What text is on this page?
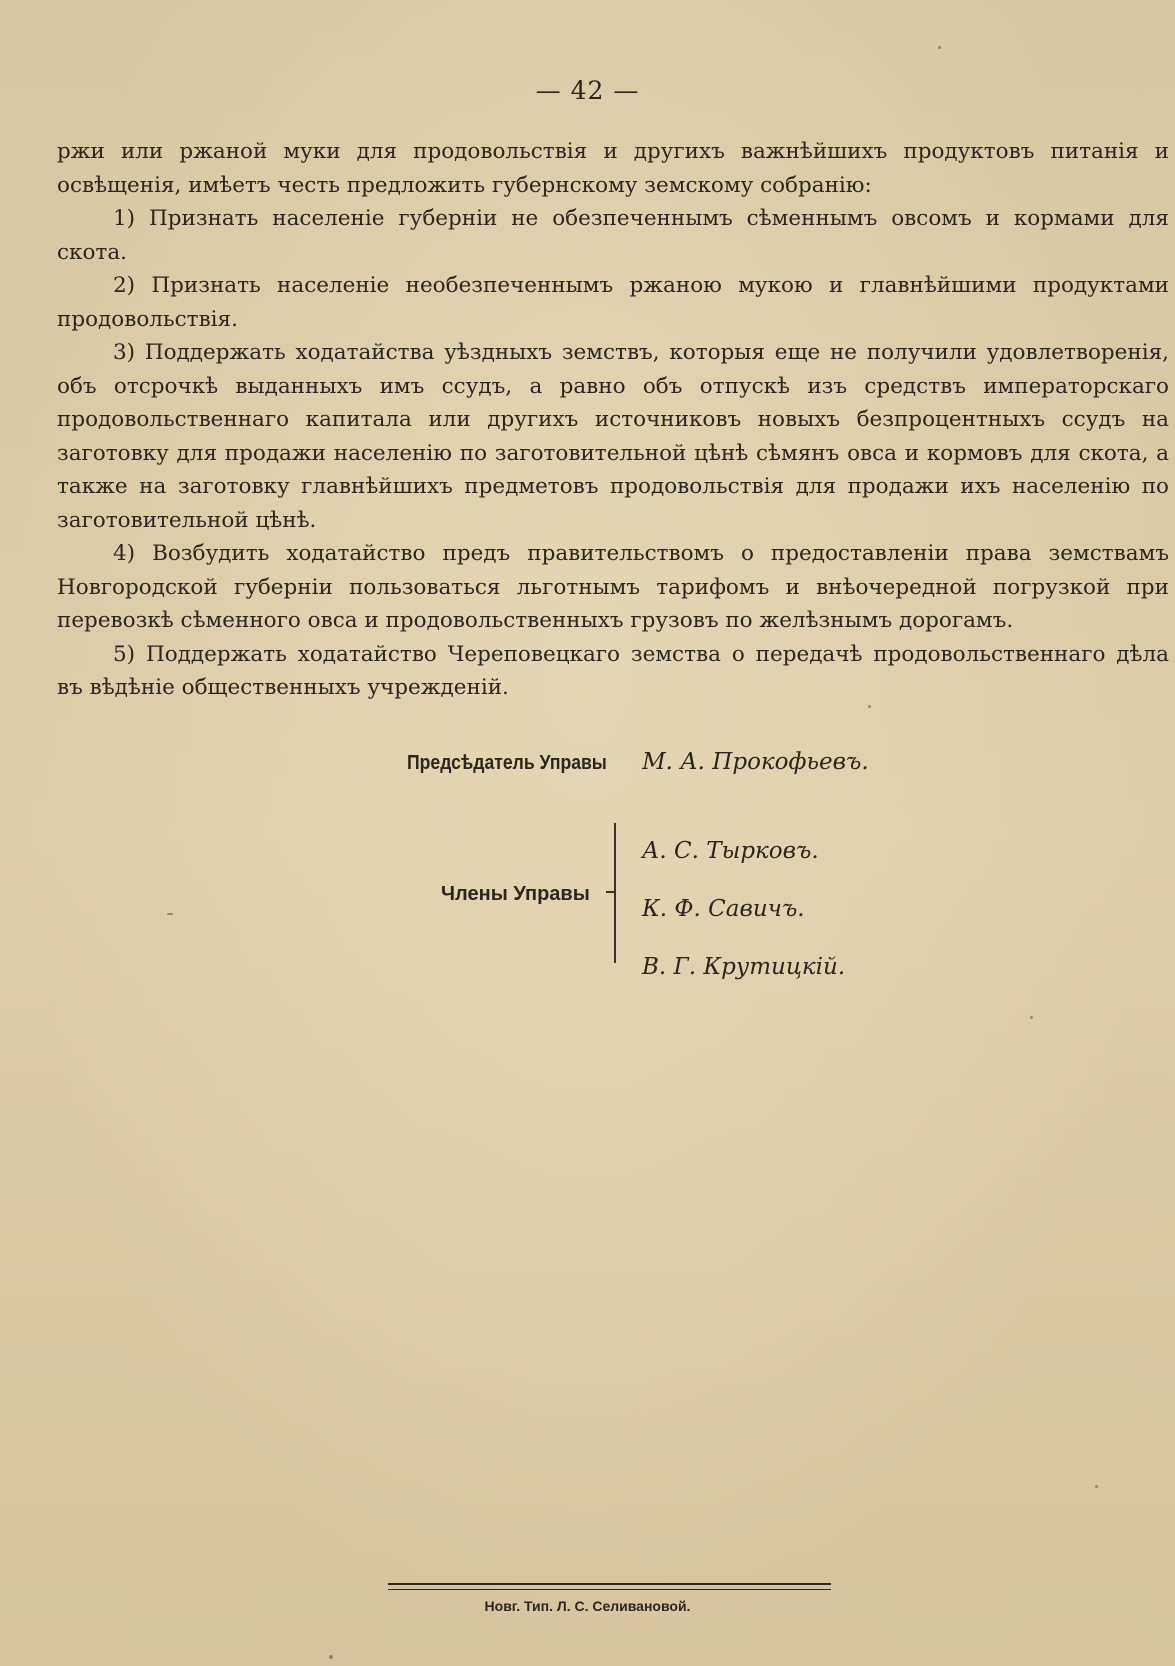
— 42 —

ржи или ржаной муки для продовольствія и другихъ важнѣйшихъ продуктовъ питанія и освѣщенія, имѣетъ честь предложить губернскому земскому собранію:

1) Признать населеніе губерніи не обезпеченнымъ сѣменнымъ овсомъ и кормами для скота.

2) Признать населеніе необезпеченнымъ ржаною мукою и главнѣйшими продуктами продовольствія.

3) Поддержать ходатайства уѣздныхъ земствъ, которыя еще не получили удовлетворенія, объ отсрочкѣ выданныхъ имъ ссудъ, а равно объ отпускѣ изъ средствъ императорскаго продовольственнаго капитала или другихъ источниковъ новыхъ безпроцентныхъ ссудъ на заготовку для продажи населенію по заготовительной цѣнѣ сѣмянъ овса и кормовъ для скота, а также на заготовку главнѣйшихъ предметовъ продовольствія для продажи ихъ населенію по заготовительной цѣнѣ.

4) Возбудить ходатайство предъ правительствомъ о предоставленіи права земствамъ Новгородской губерніи пользоваться льготнымъ тарифомъ и внѣочередной погрузкой при перевозкѣ сѣменного овса и продовольственныхъ грузовъ по желѣзнымъ дорогамъ.

5) Поддержать ходатайство Череповецкаго земства о передачѣ продовольственнаго дѣла въ вѣдѣніе общественныхъ учрежденій.

Предсѣдатель Управы М. А. Прокофьевъ.
Члены Управы
А. С. Тырковъ.
К. Ф. Савичъ.
В. Г. Крутицкій.
Новг. Тип. Л. С. Селивановой.
